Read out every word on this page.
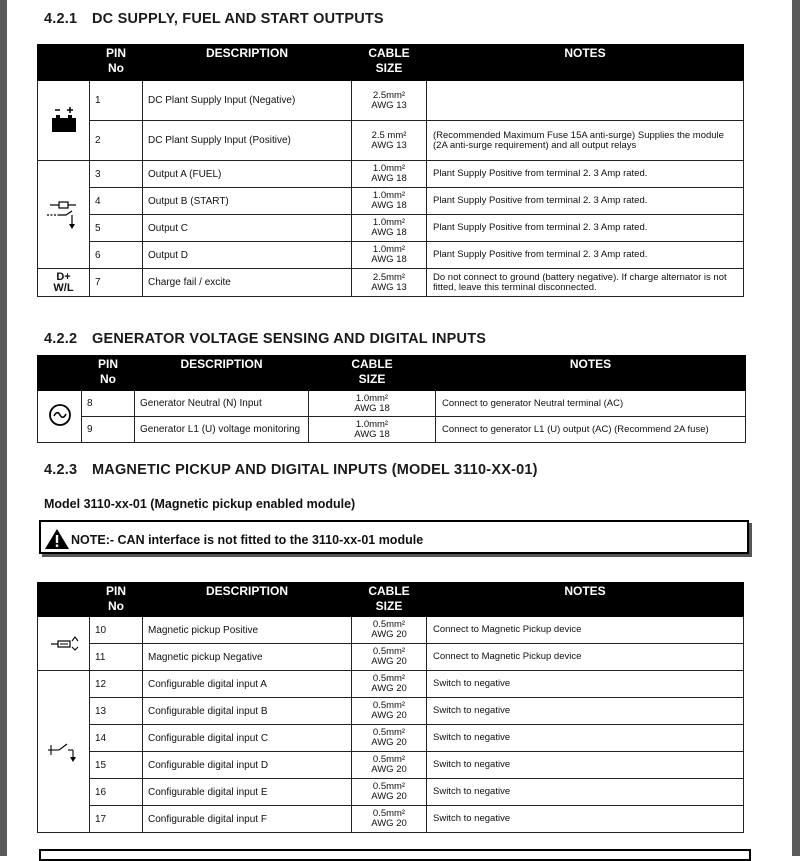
4.2.1 DC SUPPLY, FUEL AND START OUTPUTS
	PIN
No	DESCRIPTION	CABLE
SIZE	NOTES
	1	DC Plant Supply Input (Negative)	2.5mm²
AWG 13	
	2	DC Plant Supply Input (Positive)	2.5 mm²
AWG 13	(Recommended Maximum Fuse 15A anti-surge) Supplies the module (2A anti-surge requirement) and all output relays
	3	Output A (FUEL)	1.0mm²
AWG 18	Plant Supply Positive from terminal 2. 3 Amp rated.
	4	Output B (START)	1.0mm²
AWG 18	Plant Supply Positive from terminal 2. 3 Amp rated.
	5	Output C	1.0mm²
AWG 18	Plant Supply Positive from terminal 2. 3 Amp rated.
	6	Output D	1.0mm²
AWG 18	Plant Supply Positive from terminal 2. 3 Amp rated.
D+
W/L	7	Charge fail / excite	2.5mm²
AWG 13	Do not connect to ground (battery negative). If charge alternator is not fitted, leave this terminal disconnected.
4.2.2 GENERATOR VOLTAGE SENSING AND DIGITAL INPUTS
	PIN
No	DESCRIPTION	CABLE
SIZE	NOTES
	8	Generator Neutral (N) Input	1.0mm²
AWG 18	Connect to generator Neutral terminal (AC)
	9	Generator L1 (U) voltage monitoring	1.0mm²
AWG 18	Connect to generator L1 (U) output (AC) (Recommend 2A fuse)
4.2.3 MAGNETIC PICKUP AND DIGITAL INPUTS (MODEL 3110-XX-01)
Model 3110-xx-01 (Magnetic pickup enabled module)
NOTE:- CAN interface is not fitted to the 3110-xx-01 module
	PIN
No	DESCRIPTION	CABLE
SIZE	NOTES
	10	Magnetic pickup Positive	0.5mm²
AWG 20	Connect to Magnetic Pickup device
	11	Magnetic pickup Negative	0.5mm²
AWG 20	Connect to Magnetic Pickup device
	12	Configurable digital input A	0.5mm²
AWG 20	Switch to negative
	13	Configurable digital input B	0.5mm²
AWG 20	Switch to negative
	14	Configurable digital input C	0.5mm²
AWG 20	Switch to negative
	15	Configurable digital input D	0.5mm²
AWG 20	Switch to negative
	16	Configurable digital input E	0.5mm²
AWG 20	Switch to negative
	17	Configurable digital input F	0.5mm²
AWG 20	Switch to negative
